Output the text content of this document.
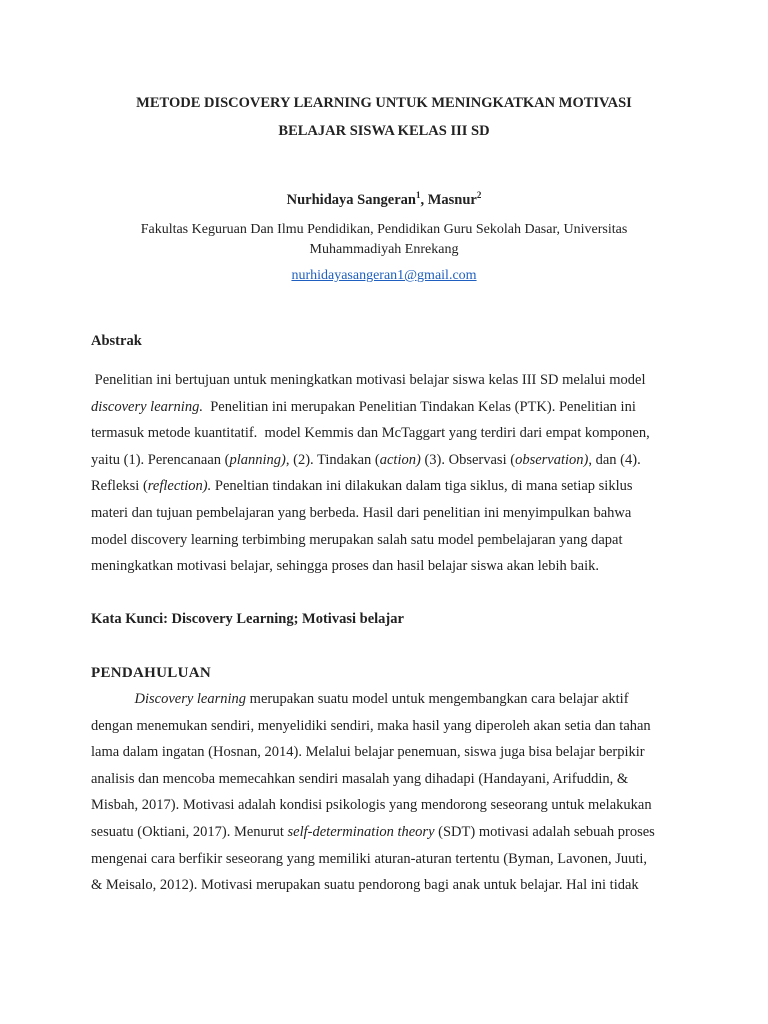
METODE DISCOVERY LEARNING UNTUK MENINGKATKAN MOTIVASI
BELAJAR SISWA KELAS III SD
Nurhidaya Sangeran$^1$, Masnur$^2$
Fakultas Keguruan Dan Ilmu Pendidikan, Pendidikan Guru Sekolah Dasar, Universitas
Muhammadiyah Enrekang
nurhidayasangeran1@gmail.com
Abstrak
Penelitian ini bertujuan untuk meningkatkan motivasi belajar siswa kelas III SD melalui model
discovery learning.  Penelitian ini merupakan Penelitian Tindakan Kelas (PTK). Penelitian ini
termasuk metode kuantitatif.  model Kemmis dan McTaggart yang terdiri dari empat komponen,
yaitu (1). Perencanaan (planning), (2). Tindakan (action) (3). Observasi (observation), dan (4).
Refleksi (reflection). Peneltian tindakan ini dilakukan dalam tiga siklus, di mana setiap siklus
materi dan tujuan pembelajaran yang berbeda. Hasil dari penelitian ini menyimpulkan bahwa
model discovery learning terbimbing merupakan salah satu model pembelajaran yang dapat
meningkatkan motivasi belajar, sehingga proses dan hasil belajar siswa akan lebih baik.
Kata Kunci: Discovery Learning; Motivasi belajar
PENDAHULUAN
Discovery learning merupakan suatu model untuk mengembangkan cara belajar aktif
dengan menemukan sendiri, menyelidiki sendiri, maka hasil yang diperoleh akan setia dan tahan
lama dalam ingatan (Hosnan, 2014). Melalui belajar penemuan, siswa juga bisa belajar berpikir
analisis dan mencoba memecahkan sendiri masalah yang dihadapi (Handayani, Arifuddin, &
Misbah, 2017). Motivasi adalah kondisi psikologis yang mendorong seseorang untuk melakukan
sesuatu (Oktiani, 2017). Menurut self-determination theory (SDT) motivasi adalah sebuah proses
mengenai cara berfikir seseorang yang memiliki aturan-aturan tertentu (Byman, Lavonen, Juuti,
& Meisalo, 2012). Motivasi merupakan suatu pendorong bagi anak untuk belajar. Hal ini tidak
